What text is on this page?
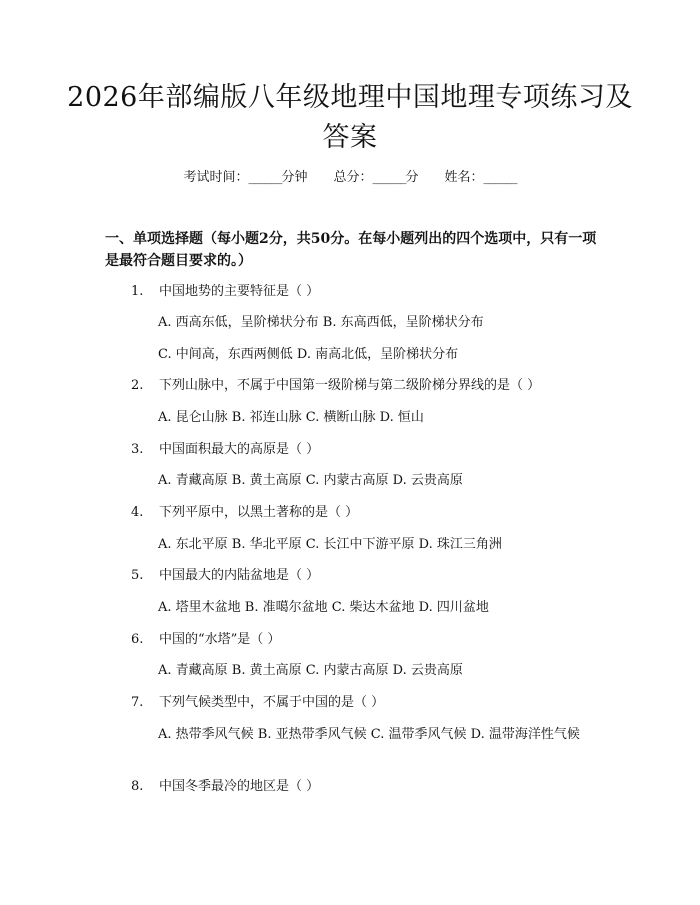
2026年部编版八年级地理中国地理专项练习及答案
考试时间：______分钟 总分：______分 姓名：______
一、单项选择题（每小题2分，共50分。在每小题列出的四个选项中，只有一项是最符合题目要求的。）
1. 中国地势的主要特征是（ ）
A. 西高东低，呈阶梯状分布 B. 东高西低，呈阶梯状分布
C. 中间高，东西两侧低 D. 南高北低，呈阶梯状分布
2. 下列山脉中，不属于中国第一级阶梯与第二级阶梯分界线的是（ ）
A. 昆仑山脉 B. 祁连山脉 C. 横断山脉 D. 恒山
3. 中国面积最大的高原是（ ）
A. 青藏高原 B. 黄土高原 C. 内蒙古高原 D. 云贵高原
4. 下列平原中，以黑土著称的是（ ）
A. 东北平原 B. 华北平原 C. 长江中下游平原 D. 珠江三角洲
5. 中国最大的内陆盆地是（ ）
A. 塔里木盆地 B. 准噶尔盆地 C. 柴达木盆地 D. 四川盆地
6. 中国的“水塔”是（ ）
A. 青藏高原 B. 黄土高原 C. 内蒙古高原 D. 云贵高原
7. 下列气候类型中，不属于中国的是（ ）
A. 热带季风气候 B. 亚热带季风气候 C. 温带季风气候 D. 温带海洋性气候
8. 中国冬季最冷的地区是（ ）
